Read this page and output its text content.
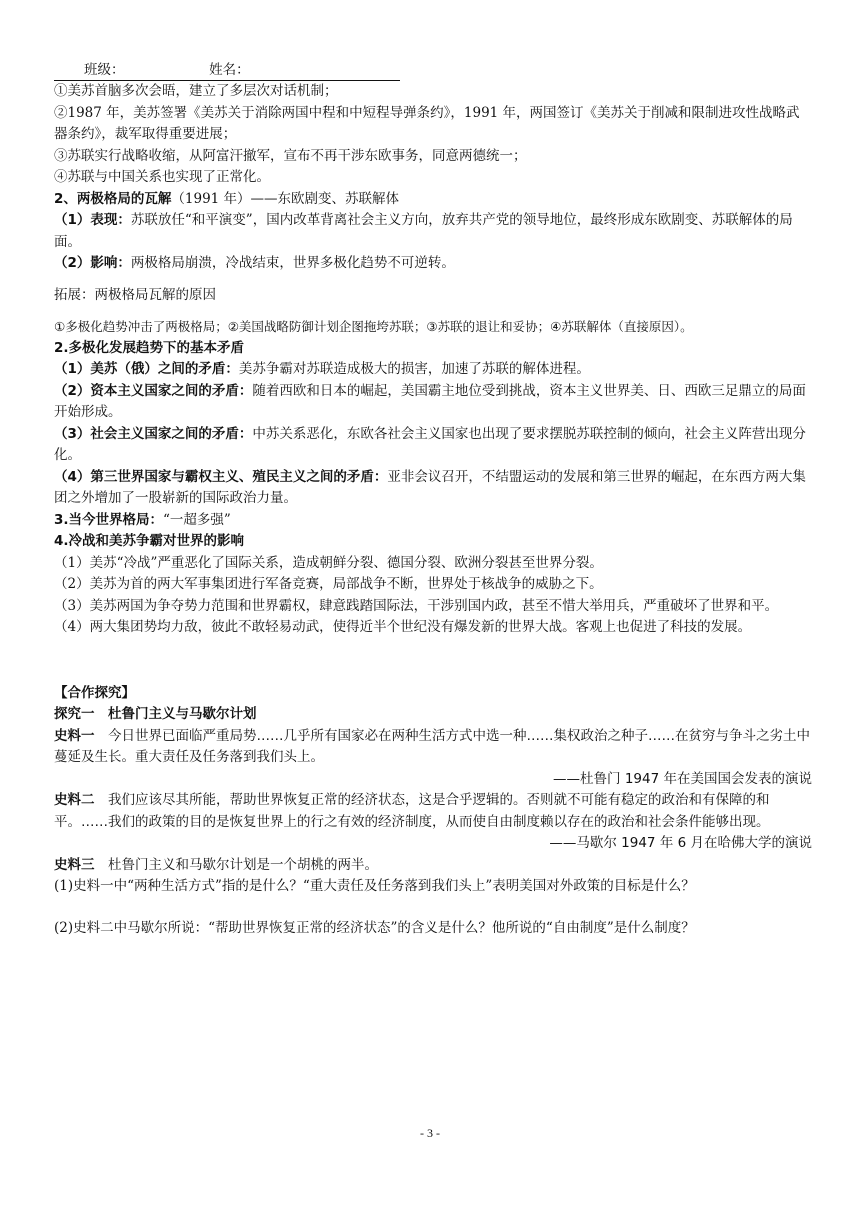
班级：	姓名：
①美苏首脑多次会晤，建立了多层次对话机制；
②1987 年，美苏签署《美苏关于消除两国中程和中短程导弹条约》，1991 年，两国签订《美苏关于削减和限制进攻性战略武器条约》，裁军取得重要进展；
③苏联实行战略收缩，从阿富汗撤军，宣布不再干涉东欧事务，同意两德统一；
④苏联与中国关系也实现了正常化。
2、两极格局的瓦解（1991 年）——东欧剧变、苏联解体
（1）表现：苏联放任“和平演变”，国内改革背离社会主义方向，放弃共产党的领导地位，最终形成东欧剧变、苏联解体的局面。
（2）影响：两极格局崩溃，冷战结束，世界多极化趋势不可逆转。
拓展：两极格局瓦解的原因
①多极化趋势冲击了两极格局；②美国战略防御计划企图拖垮苏联；③苏联的退让和妥协；④苏联解体（直接原因）。
2.多极化发展趋势下的基本矛盾
（1）美苏（俄）之间的矛盾：美苏争霸对苏联造成极大的损害，加速了苏联的解体进程。
（2）资本主义国家之间的矛盾：随着西欧和日本的崛起，美国霸主地位受到挑战，资本主义世界美、日、西欧三足鼎立的局面开始形成。
（3）社会主义国家之间的矛盾：中苏关系恶化，东欧各社会主义国家也出现了要求摆脱苏联控制的倾向，社会主义阵营出现分化。
（4）第三世界国家与霸权主义、殖民主义之间的矛盾：亚非会议召开，不结盟运动的发展和第三世界的崛起，在东西方两大集团之外增加了一股崭新的国际政治力量。
3.当今世界格局：“一超多强”
4.冷战和美苏争霸对世界的影响
（1）美苏“冷战”严重恶化了国际关系，造成朝鲜分裂、德国分裂、欧洲分裂甚至世界分裂。
（2）美苏为首的两大军事集团进行军备竞赛，局部战争不断，世界处于核战争的威胁之下。
（3）美苏两国为争夺势力范围和世界霸权，肆意践踏国际法，干涉别国内政，甚至不惜大举用兵，严重破坏了世界和平。
（4）两大集团势均力敌，彼此不敢轻易动武，使得近半个世纪没有爆发新的世界大战。客观上也促进了科技的发展。
【合作探究】
探究一　杜鲁门主义与马歇尔计划
史料一　今日世界已面临严重局势……几乎所有国家必在两种生活方式中选一种……集权政治之种子……在贫穷与争斗之劣土中蔓延及生长。重大责任及任务落到我们头上。
——杜鲁门 1947 年在美国国会发表的演说
史料二　我们应该尽其所能，帮助世界恢复正常的经济状态，这是合乎逻辑的。否则就不可能有稳定的政治和有保障的和平。……我们的政策的目的是恢复世界上的行之有效的经济制度，从而使自由制度赖以存在的政治和社会条件能够出现。
——马歇尔 1947 年 6 月在哈佛大学的演说
史料三　杜鲁门主义和马歇尔计划是一个胡桃的两半。
(1)史料一中“两种生活方式”指的是什么？“重大责任及任务落到我们头上”表明美国对外政策的目标是什么？
(2)史料二中马歇尔所说：“帮助世界恢复正常的经济状态”的含义是什么？他所说的“自由制度”是什么制度？
- 3 -
